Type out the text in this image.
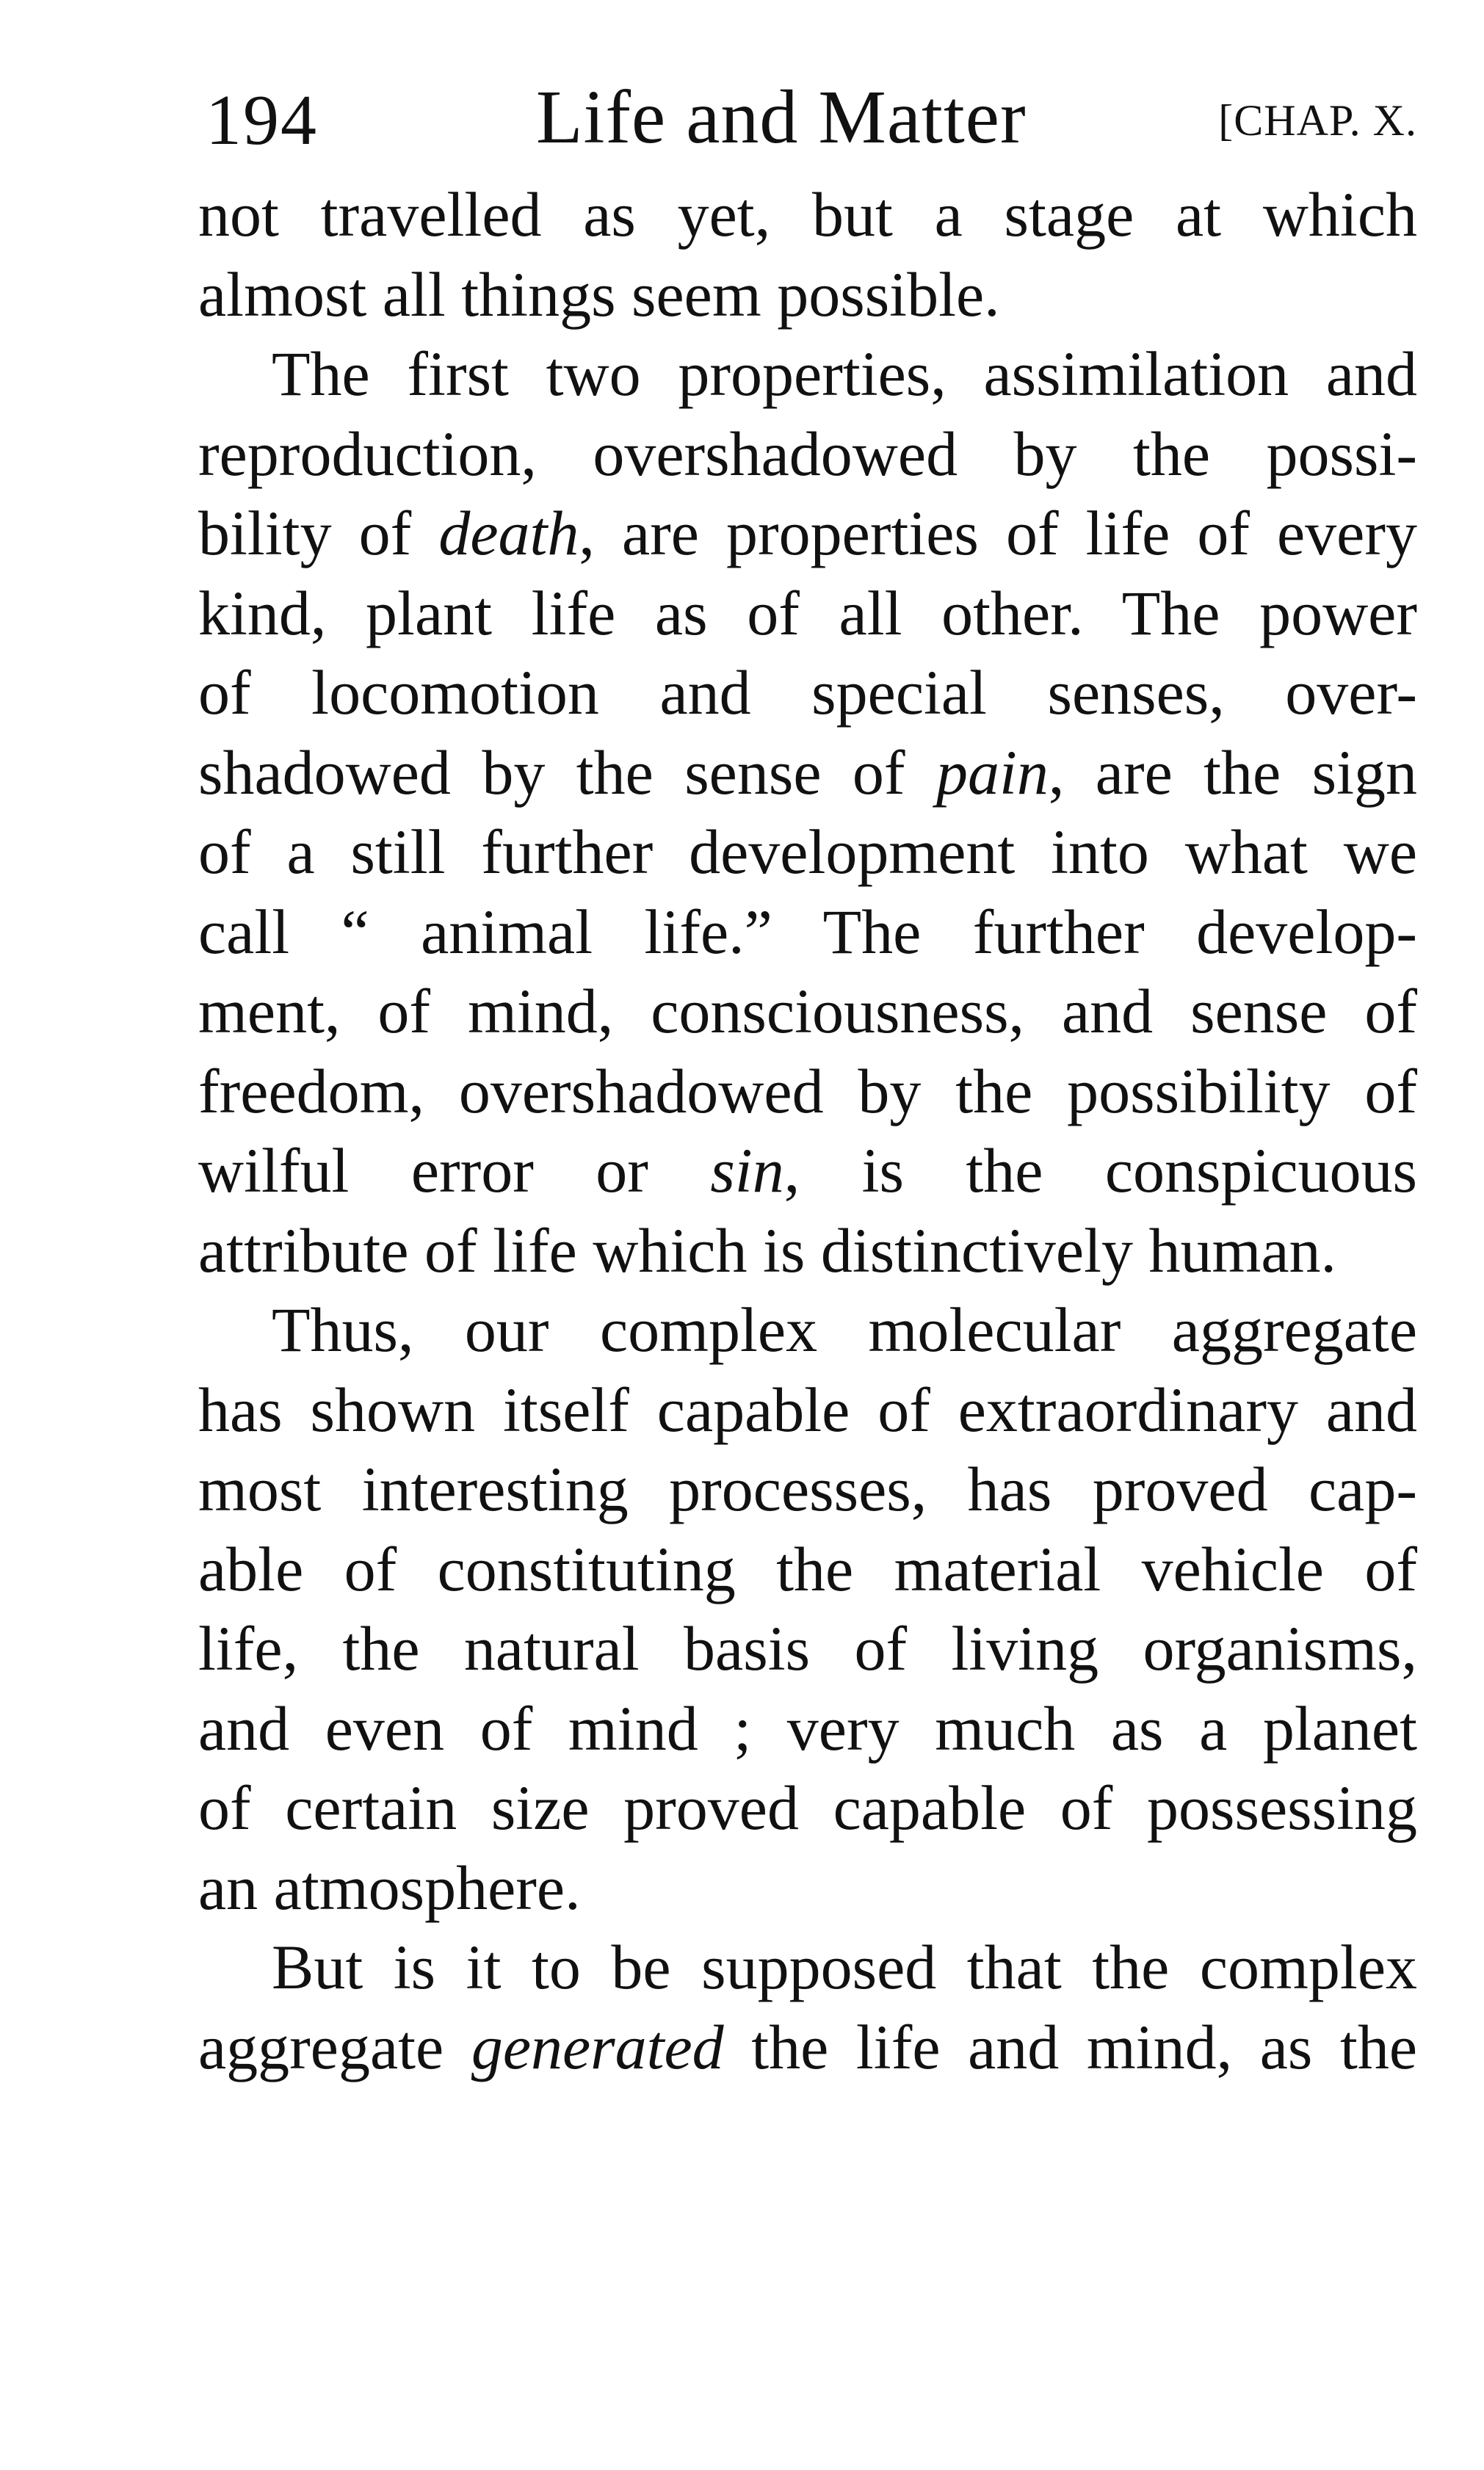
194	Life and Matter	[CHAP. X.
not travelled as yet, but a stage at which
almost all things seem possible.
The first two properties, assimilation and
reproduction, overshadowed by the possi-
bility of death, are properties of life of every
kind, plant life as of all other. The power
of locomotion and special senses, over-
shadowed by the sense of pain, are the sign
of a still further development into what we
call “ animal life.” The further develop-
ment, of mind, consciousness, and sense of
freedom, overshadowed by the possibility of
wilful error or sin, is the conspicuous
attribute of life which is distinctively human.
Thus, our complex molecular aggregate
has shown itself capable of extraordinary and
most interesting processes, has proved cap-
able of constituting the material vehicle of
life, the natural basis of living organisms,
and even of mind ; very much as a planet
of certain size proved capable of possessing
an atmosphere.
But is it to be supposed that the complex
aggregate generated the life and mind, as the
